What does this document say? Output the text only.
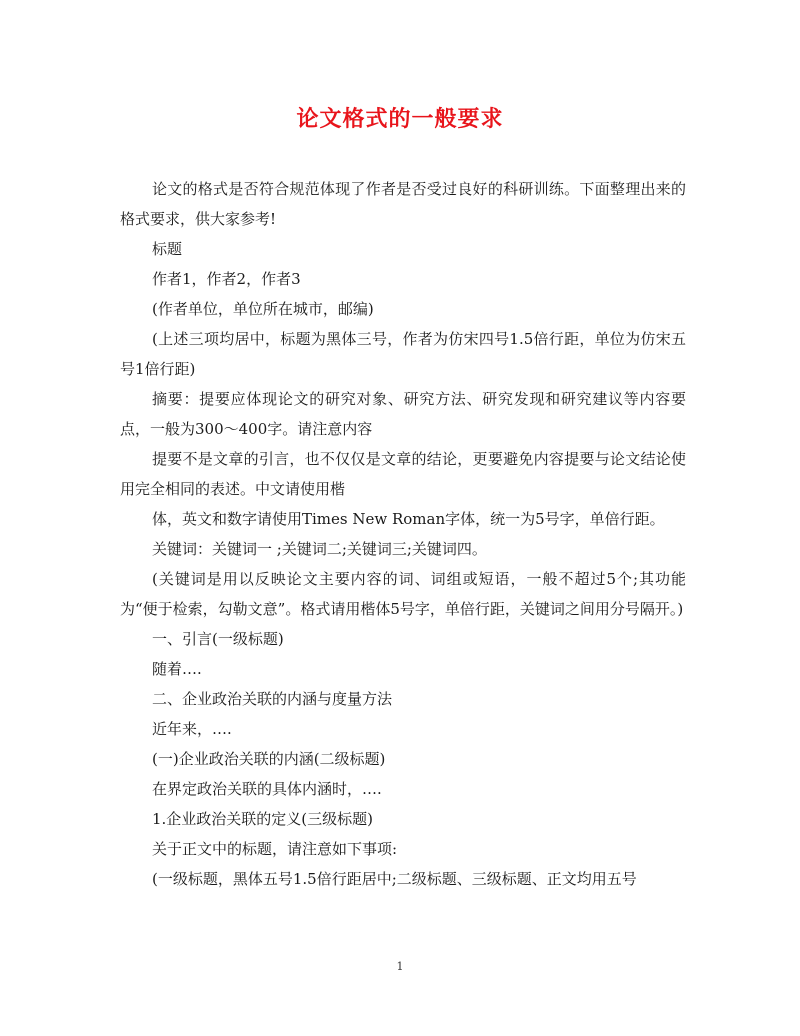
论文格式的一般要求

论文的格式是否符合规范体现了作者是否受过良好的科研训练。下面整理出来的格式要求，供大家参考!

标题

作者1，作者2，作者3

(作者单位，单位所在城市，邮编)

(上述三项均居中，标题为黑体三号，作者为仿宋四号1.5倍行距，单位为仿宋五号1倍行距)

摘要：提要应体现论文的研究对象、研究方法、研究发现和研究建议等内容要点，一般为300～400字。请注意内容

提要不是文章的引言，也不仅仅是文章的结论，更要避免内容提要与论文结论使用完全相同的表述。中文请使用楷

体，英文和数字请使用Times New Roman字体，统一为5号字，单倍行距。

关键词：关键词一 ;关键词二;关键词三;关键词四。

(关键词是用以反映论文主要内容的词、词组或短语，一般不超过5个;其功能为“便于检索，勾勒文意”。格式请用楷体5号字，单倍行距，关键词之间用分号隔开。)

一、引言(一级标题)

随着….

二、企业政治关联的内涵与度量方法

近年来，….

(一)企业政治关联的内涵(二级标题)

在界定政治关联的具体内涵时，….

1.企业政治关联的定义(三级标题)

关于正文中的标题，请注意如下事项:

(一级标题，黑体五号1.5倍行距居中;二级标题、三级标题、正文均用五号

1
